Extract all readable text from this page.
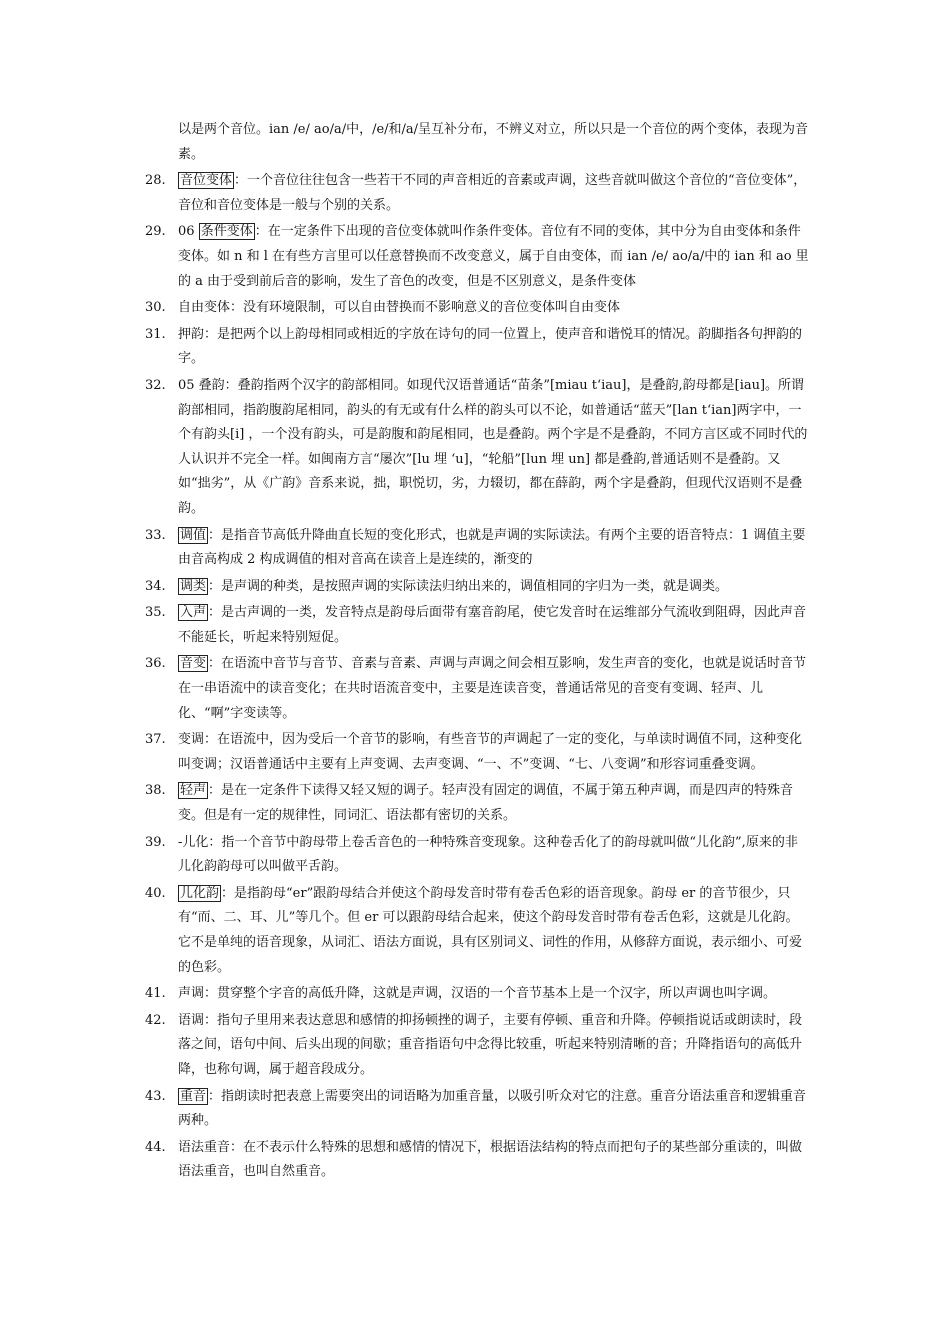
以是两个音位。ian /e/ ao/a/中，/e/和/a/呈互补分布，不辨义对立，所以只是一个音位的两个变体，表现为音素。
28.	音位变体 ：一个音位往往包含一些若干不同的声音相近的音素或声调，这些音就叫做这个音位的“音位变体”，音位和音位变体是一般与个别的关系。
29. 06 条件变体 ：在一定条件下出现的音位变体就叫作条件变体。音位有不同的变体，其中分为自由变体和条件变体。如 n 和 l 在有些方言里可以任意替换而不改变意义，属于自由变体，而 ian /e/ ao/a/中的 ian 和 ao 里的 a 由于受到前后音的影响，发生了音色的改变，但是不区别意义，是条件变体
30. 自由变体：没有环境限制，可以自由替换而不影响意义的音位变体叫自由变体
31. 押韵：是把两个以上韵母相同或相近的字放在诗句的同一位置上，使声音和谐悦耳的情况。韵脚指各句押韵的字。
32. 05 叠韵：叠韵指两个汉字的韵部相同。如现代汉语普通话“苗条”[miau t‘iau]，是叠韵,韵母都是[iau]。所谓韵部相同，指韵腹韵尾相同，韵头的有无或有什么样的韵头可以不论，如普通话“蓝天”[lan t‘ian]两字中，一个有韵头[i] ，一个没有韵头，可是韵腹和韵尾相同，也是叠韵。两个字是不是叠韵，不同方言区或不同时代的人认识并不完全一样。如闽南方言“屡次”[lu 埋 ‘u]，“轮船”[lun 埋 un] 都是叠韵,普通话则不是叠韵。又如“拙劣”，从《广韵》音系来说，拙，职悦切，劣，力辍切，都在薛韵，两个字是叠韵，但现代汉语则不是叠韵。
33.	调值 ：是指音节高低升降曲直长短的变化形式，也就是声调的实际读法。有两个主要的语音特点：1 调值主要由音高构成 2 构成调值的相对音高在读音上是连续的，渐变的
34.	调类 ：是声调的种类，是按照声调的实际读法归纳出来的，调值相同的字归为一类，就是调类。
35.	入声 ：是古声调的一类，发音特点是韵母后面带有塞音韵尾，使它发音时在运维部分气流收到阻碍，因此声音不能延长，听起来特别短促。
36.	音变 ：在语流中音节与音节、音素与音素、声调与声调之间会相互影响，发生声音的变化，也就是说话时音节在一串语流中的读音变化；在共时语流音变中，主要是连读音变，普通话常见的音变有变调、轻声、儿化、“啊”字变读等。
37. 变调：在语流中，因为受后一个音节的影响，有些音节的声调起了一定的变化，与单读时调值不同，这种变化叫变调；汉语普通话中主要有上声变调、去声变调、“一、不”变调、“七、八变调”和形容词重叠变调。
38.	轻声 ：是在一定条件下读得又轻又短的调子。轻声没有固定的调值，不属于第五种声调，而是四声的特殊音变。但是有一定的规律性，同词汇、语法都有密切的关系。
39. -儿化：指一个音节中韵母带上卷舌音色的一种特殊音变现象。这种卷舌化了的韵母就叫做“儿化韵”,原来的非儿化韵韵母可以叫做平舌韵。
40.	儿化韵 ：是指韵母“er”跟韵母结合并使这个韵母发音时带有卷舌色彩的语音现象。韵母 er 的音节很少，只有“而、二、耳、儿”等几个。但 er 可以跟韵母结合起来，使这个韵母发音时带有卷舌色彩，这就是儿化韵。它不是单纯的语音现象，从词汇、语法方面说，具有区别词义、词性的作用，从修辞方面说，表示细小、可爱的色彩。
41. 声调：贯穿整个字音的高低升降，这就是声调，汉语的一个音节基本上是一个汉字，所以声调也叫字调。
42. 语调：指句子里用来表达意思和感情的抑扬顿挫的调子，主要有停顿、重音和升降。停顿指说话或朗读时，段落之间，语句中间、后头出现的间歇；重音指语句中念得比较重，听起来特别清晰的音；升降指语句的高低升降，也称句调，属于超音段成分。
43.	重音 ：指朗读时把表意上需要突出的词语略为加重音量，以吸引听众对它的注意。重音分语法重音和逻辑重音两种。
44. 语法重音：在不表示什么特殊的思想和感情的情况下，根据语法结构的特点而把句子的某些部分重读的，叫做语法重音，也叫自然重音。
